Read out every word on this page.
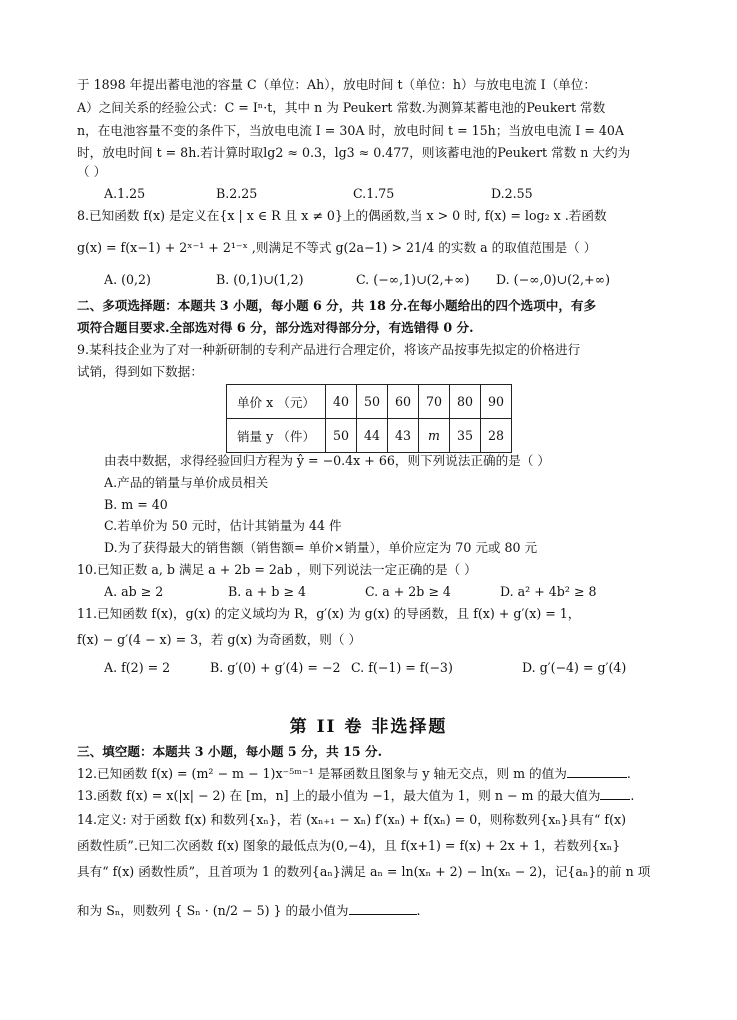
于 1898 年提出蓄电池的容量 C（单位：Ah），放电时间 t（单位：h）与放电电流 I（单位：
A）之间关系的经验公式：C = Iⁿ·t，其中 n 为 Peukert 常数.为测算某蓄电池的Peukert 常数
n，在电池容量不变的条件下，当放电电流 I = 30A 时，放电时间 t = 15h；当放电电流 I = 40A
时，放电时间 t = 8h.若计算时取lg2 ≈ 0.3，lg3 ≈ 0.477，则该蓄电池的Peukert 常数 n 大约为
（ ）
A.1.25	B.2.25	C.1.75	D.2.55
8.已知函数 f(x) 是定义在{x | x ∈ R 且 x ≠ 0}上的偶函数,当 x > 0 时, f(x) = log₂ x .若函数
g(x) = f(x−1) + 2ˣ⁻¹ + 2¹⁻ˣ ,则满足不等式 g(2a−1) > 21/4 的实数 a 的取值范围是（ ）
A. (0,2)	B. (0,1)∪(1,2)	C. (−∞,1)∪(2,+∞) D. (−∞,0)∪(2,+∞)
二、多项选择题：本题共 3 小题，每小题 6 分，共 18 分.在每小题给出的四个选项中，有多
项符合题目要求.全部选对得 6 分，部分选对得部分分，有选错得 0 分.
9.某科技企业为了对一种新研制的专利产品进行合理定价，将该产品按事先拟定的价格进行
试销，得到如下数据：
单价 x （元）	40	50	60	70	80	90
销量 y （件）	50	44	43	m	35	28
由表中数据，求得经验回归方程为 ŷ = −0.4x + 66，则下列说法正确的是（ ）
A.产品的销量与单价成员相关
B. m = 40
C.若单价为 50 元时，估计其销量为 44 件
D.为了获得最大的销售额（销售额= 单价×销量），单价应定为 70 元或 80 元
10.已知正数 a, b 满足 a + 2b = 2ab ，则下列说法一定正确的是（ ）
A. ab ≥ 2	B. a + b ≥ 4	C. a + 2b ≥ 4	D. a² + 4b² ≥ 8
11.已知函数 f(x)，g(x) 的定义域均为 R，g′(x) 为 g(x) 的导函数，且 f(x) + g′(x) = 1，
f(x) − g′(4 − x) = 3，若 g(x) 为奇函数，则（ ）
A. f(2) = 2	B. g′(0) + g′(4) = −2 C. f(−1) = f(−3)	D. g′(−4) = g′(4)
第 II 卷 非选择题
三、填空题：本题共 3 小题，每小题 5 分，共 15 分.
12.已知函数 f(x) = (m² − m − 1)x⁻⁵ᵐ⁻¹ 是幂函数且图象与 y 轴无交点，则 m 的值为	.
13.函数 f(x) = x(|x| − 2) 在 [m，n] 上的最小值为 −1，最大值为 1，则 n − m 的最大值为 .
14.定义: 对于函数 f(x) 和数列{xₙ}，若 (xₙ₊₁ − xₙ) f′(xₙ) + f(xₙ) = 0，则称数列{xₙ}具有“ f(x)
函数性质”.已知二次函数 f(x) 图象的最低点为(0,−4)，且 f(x+1) = f(x) + 2x + 1，若数列{xₙ}
具有“ f(x) 函数性质”，且首项为 1 的数列{aₙ}满足 aₙ = ln(xₙ + 2) − ln(xₙ − 2)，记{aₙ}的前 n 项
和为 Sₙ，则数列 { Sₙ · (n/2 − 5) } 的最小值为	.
